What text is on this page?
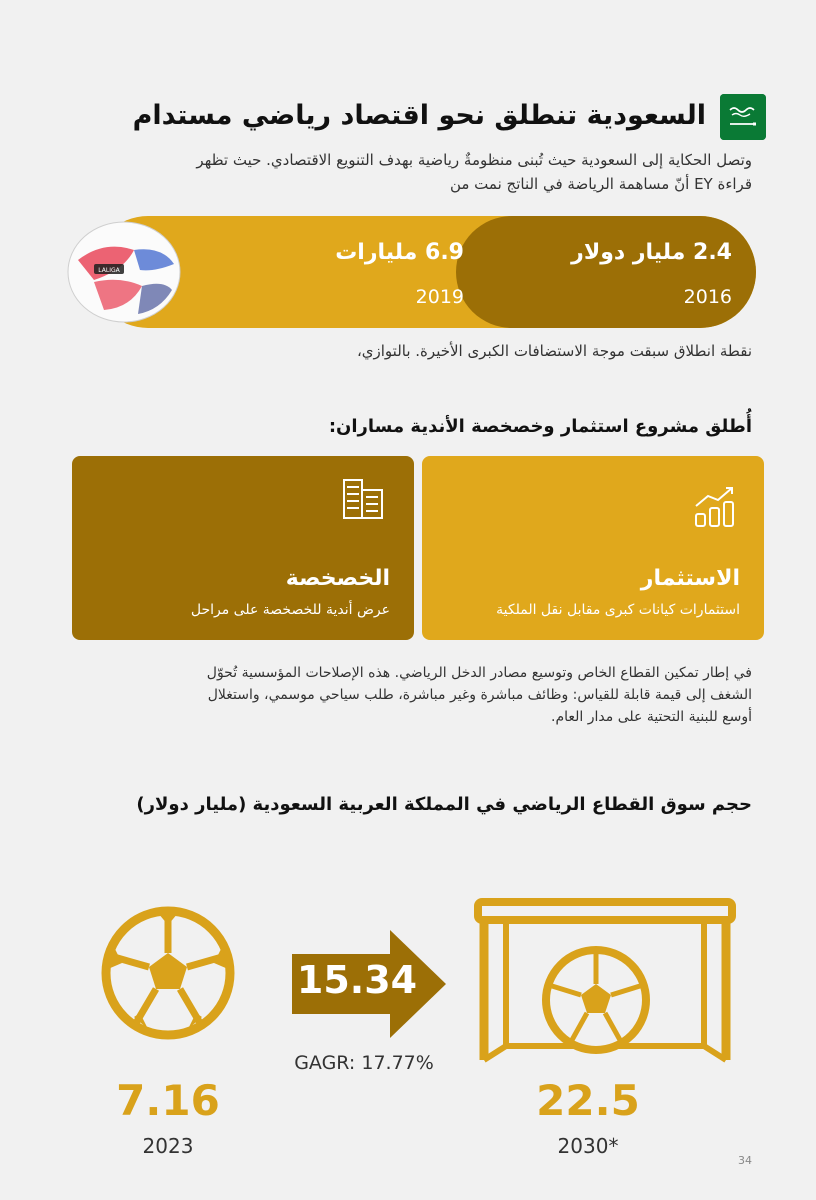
السعودية تنطلق نحو اقتصاد رياضي مستدام
وتصل الحكاية إلى السعودية حيث تُبنى منظومةٌ رياضية بهدف التنويع الاقتصادي. حيث تظهر
قراءة EY أنّ مساهمة الرياضة في الناتج نمت من
2.4 مليار دولار
2016
6.9 مليارات
2019
LALIGA
نقطة انطلاق سبقت موجة الاستضافات الكبرى الأخيرة. بالتوازي،
أُطلق مشروع استثمار وخصخصة الأندية مساران:
الاستثمار
استثمارات كيانات كبرى مقابل نقل الملكية
الخصخصة
عرض أندية للخصخصة على مراحل
في إطار تمكين القطاع الخاص وتوسيع مصادر الدخل الرياضي. هذه الإصلاحات المؤسسية تُحوّل
الشغف إلى قيمة قابلة للقياس: وظائف مباشرة وغير مباشرة، طلب سياحي موسمي، واستغلال
أوسع للبنية التحتية على مدار العام.
حجم سوق القطاع الرياضي في المملكة العربية السعودية (مليار دولار)
15.34
GAGR: 17.77%
7.16
2023
22.5
2030*
34
